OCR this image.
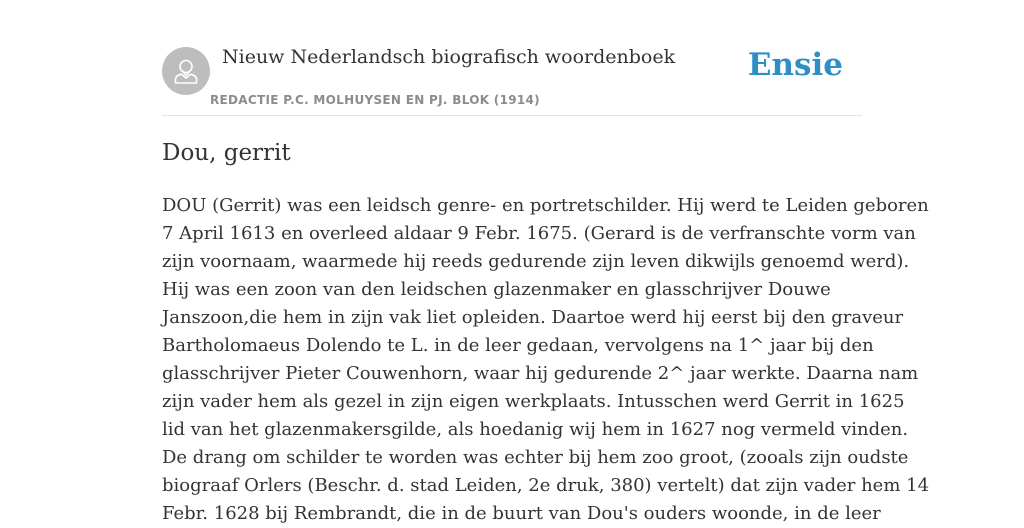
Nieuw Nederlandsch biografisch woordenboek
REDACTIE P.C. MOLHUYSEN EN PJ. BLOK (1914)
Ensie
Dou, gerrit

DOU (Gerrit) was een leidsch genre- en portretschilder. Hij werd te Leiden geboren
7 April 1613 en overleed aldaar 9 Febr. 1675. (Gerard is de verfranschte vorm van
zijn voornaam, waarmede hij reeds gedurende zijn leven dikwijls genoemd werd).
Hij was een zoon van den leidschen glazenmaker en glasschrijver Douwe
Janszoon,die hem in zijn vak liet opleiden. Daartoe werd hij eerst bij den graveur
Bartholomaeus Dolendo te L. in de leer gedaan, vervolgens na 1^ jaar bij den
glasschrijver Pieter Couwenhorn, waar hij gedurende 2^ jaar werkte. Daarna nam
zijn vader hem als gezel in zijn eigen werkplaats. Intusschen werd Gerrit in 1625
lid van het glazenmakersgilde, als hoedanig wij hem in 1627 nog vermeld vinden.
De drang om schilder te worden was echter bij hem zoo groot, (zooals zijn oudste
biograaf Orlers (Beschr. d. stad Leiden, 2e druk, 380) vertelt) dat zijn vader hem 14
Febr. 1628 bij Rembrandt, die in de buurt van Dou's ouders woonde, in de leer
